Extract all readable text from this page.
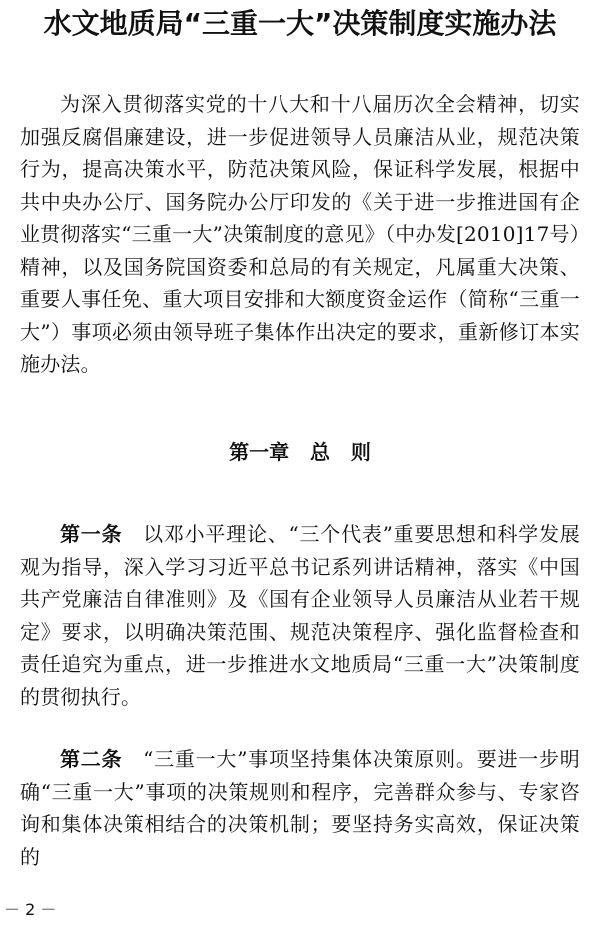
水文地质局“三重一大”决策制度实施办法

为深入贯彻落实党的十八大和十八届历次全会精神，切实加强反腐倡廉建设，进一步促进领导人员廉洁从业，规范决策行为，提高决策水平，防范决策风险，保证科学发展，根据中共中央办公厅、国务院办公厅印发的《关于进一步推进国有企业贯彻落实“三重一大”决策制度的意见》（中办发[2010]17号）精神，以及国务院国资委和总局的有关规定，凡属重大决策、重要人事任免、重大项目安排和大额度资金运作（简称“三重一大”）事项必须由领导班子集体作出决定的要求，重新修订本实施办法。

第一章   总   则

第一条　 以邓小平理论、“三个代表”重要思想和科学发展观为指导，深入学习习近平总书记系列讲话精神，落实《中国共产党廉洁自律准则》及《国有企业领导人员廉洁从业若干规定》要求，以明确决策范围、规范决策程序、强化监督检查和责任追究为重点，进一步推进水文地质局“三重一大”决策制度的贯彻执行。

第二条　 “三重一大”事项坚持集体决策原则。要进一步明确“三重一大”事项的决策规则和程序，完善群众参与、专家咨询和集体决策相结合的决策机制；要坚持务实高效，保证决策的

－ 2 －
